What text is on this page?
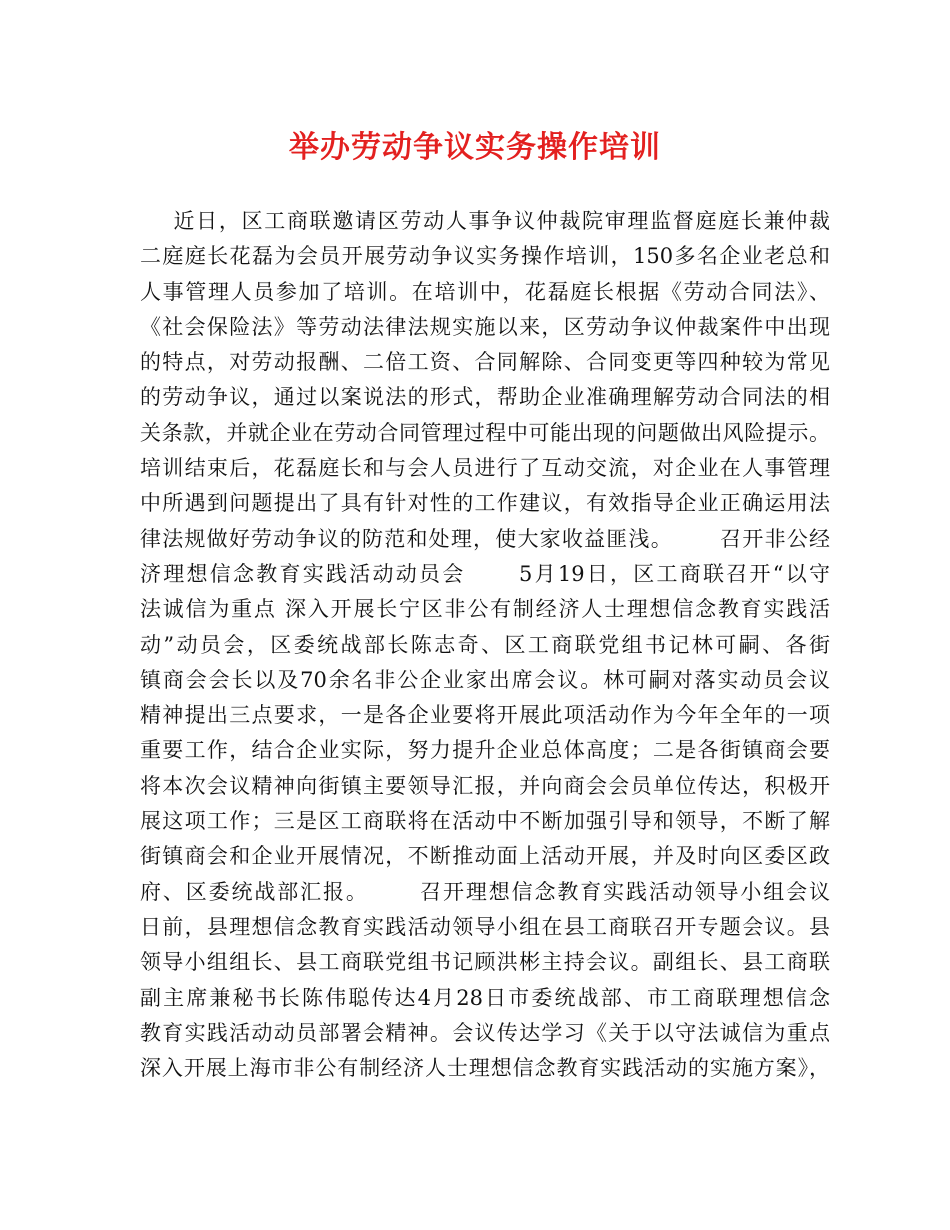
举办劳动争议实务操作培训
近日，区工商联邀请区劳动人事争议仲裁院审理监督庭庭长兼仲裁
二庭庭长花磊为会员开展劳动争议实务操作培训，150多名企业老总和
人事管理人员参加了培训。在培训中，花磊庭长根据《劳动合同法》、
《社会保险法》等劳动法律法规实施以来，区劳动争议仲裁案件中出现
的特点，对劳动报酬、二倍工资、合同解除、合同变更等四种较为常见
的劳动争议，通过以案说法的形式，帮助企业准确理解劳动合同法的相
关条款，并就企业在劳动合同管理过程中可能出现的问题做出风险提示。
培训结束后，花磊庭长和与会人员进行了互动交流，对企业在人事管理
中所遇到问题提出了具有针对性的工作建议，有效指导企业正确运用法
律法规做好劳动争议的防范和处理，使大家收益匪浅。      召开非公经
济理想信念教育实践活动动员会      5月19日，区工商联召开“以守
法诚信为重点 深入开展长宁区非公有制经济人士理想信念教育实践活
动”动员会，区委统战部长陈志奇、区工商联党组书记林可嗣、各街
镇商会会长以及70余名非公企业家出席会议。林可嗣对落实动员会议
精神提出三点要求，一是各企业要将开展此项活动作为今年全年的一项
重要工作，结合企业实际，努力提升企业总体高度；二是各街镇商会要
将本次会议精神向街镇主要领导汇报，并向商会会员单位传达，积极开
展这项工作；三是区工商联将在活动中不断加强引导和领导，不断了解
街镇商会和企业开展情况，不断推动面上活动开展，并及时向区委区政
府、区委统战部汇报。      召开理想信念教育实践活动领导小组会议
日前，县理想信念教育实践活动领导小组在县工商联召开专题会议。县
领导小组组长、县工商联党组书记顾洪彬主持会议。副组长、县工商联
副主席兼秘书长陈伟聪传达4月28日市委统战部、市工商联理想信念
教育实践活动动员部署会精神。会议传达学习《关于以守法诚信为重点
深入开展上海市非公有制经济人士理想信念教育实践活动的实施方案》，
